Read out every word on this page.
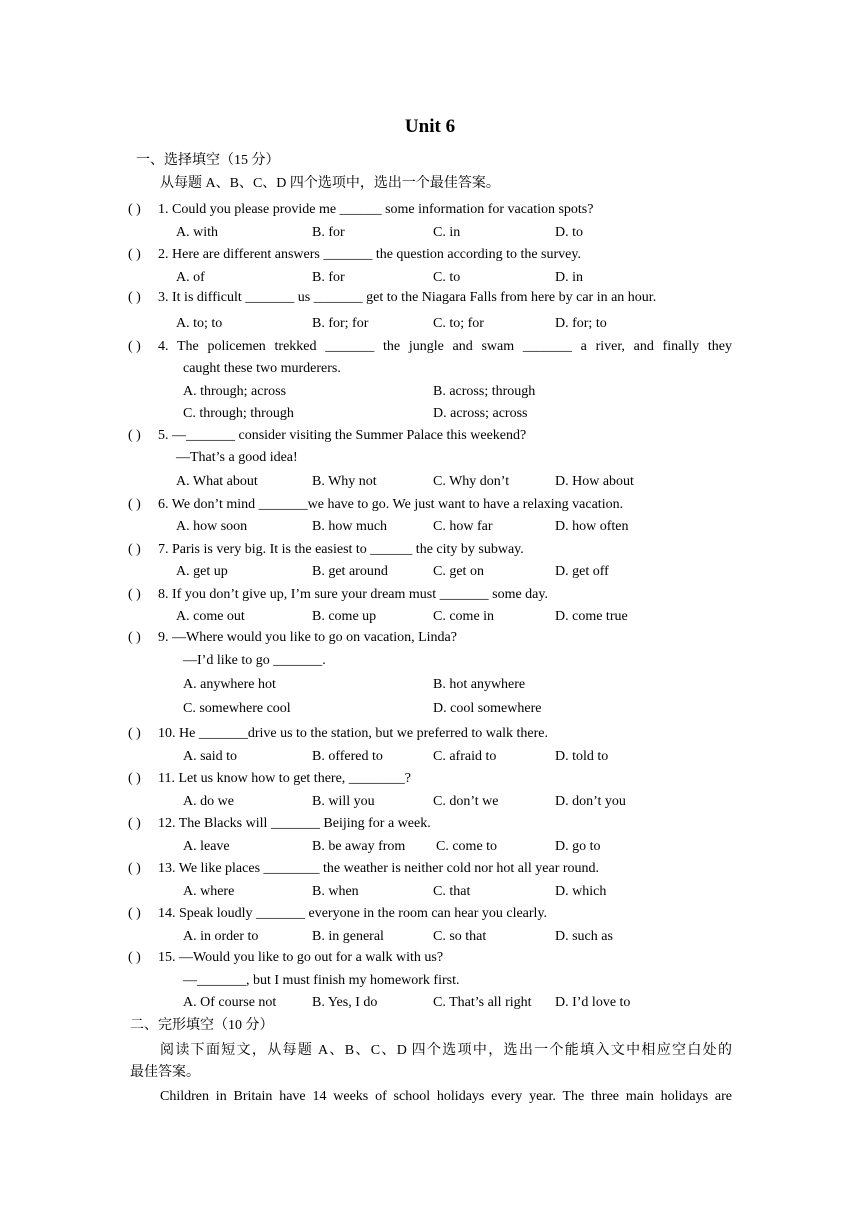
Unit 6
一、选择填空（15 分）
从每题 A、B、C、D 四个选项中，选出一个最佳答案。
( ) 1. Could you please provide me ______ some information for vacation spots?
A. with	B. for	C. in	D. to
( ) 2. Here are different answers _______ the question according to the survey.
A. of	B. for	C. to	D. in
( ) 3. It is difficult _______ us _______ get to the Niagara Falls from here by car in an hour.
A. to; to	B. for; for	C. to; for	D. for; to
( )	4. The policemen trekked _______ the jungle and swam _______ a river, and finally they
caught these two murderers.
A. through; across	B. across; through
C. through; through	D. across; across
( ) 5. —_______ consider visiting the Summer Palace this weekend?
—That’s a good idea!
A. What about	B. Why not	C. Why don’t	D. How about
( ) 6. We don’t mind _______we have to go. We just want to have a relaxing vacation.
A. how soon	B. how much	C. how far	D. how often
( ) 7. Paris is very big. It is the easiest to ______ the city by subway.
A. get up	B. get around	C. get on	D. get off
( ) 8. If you don’t give up, I’m sure your dream must _______ some day.
A. come out	B. come up	C. come in	D. come true
( ) 9. —Where would you like to go on vacation, Linda?
—I’d like to go _______.
A. anywhere hot	B. hot anywhere
C. somewhere cool	D. cool somewhere
( ) 10. He _______drive us to the station, but we preferred to walk there.
A. said to	B. offered to	C. afraid to	D. told to
( ) 11. Let us know how to get there, ________?
A. do we	B. will you	C. don’t we	D. don’t you
( ) 12. The Blacks will _______ Beijing for a week.
A. leave	B. be away from C. come to	D. go to
( ) 13. We like places ________ the weather is neither cold nor hot all year round.
A. where	B. when	C. that	D. which
( ) 14. Speak loudly _______ everyone in the room can hear you clearly.
A. in order to	B. in general	C. so that	D. such as
( ) 15. —Would you like to go out for a walk with us?
—_______, but I must finish my homework first.
A. Of course not	B. Yes, I do	C. That’s all right D. I’d love to
二、完形填空（10 分）
阅读下面短文，从每题 A、B、C、D 四个选项中，选出一个能填入文中相应空白处的
最佳答案。
Children in Britain have 14 weeks of school holidays every year. The three main holidays are
